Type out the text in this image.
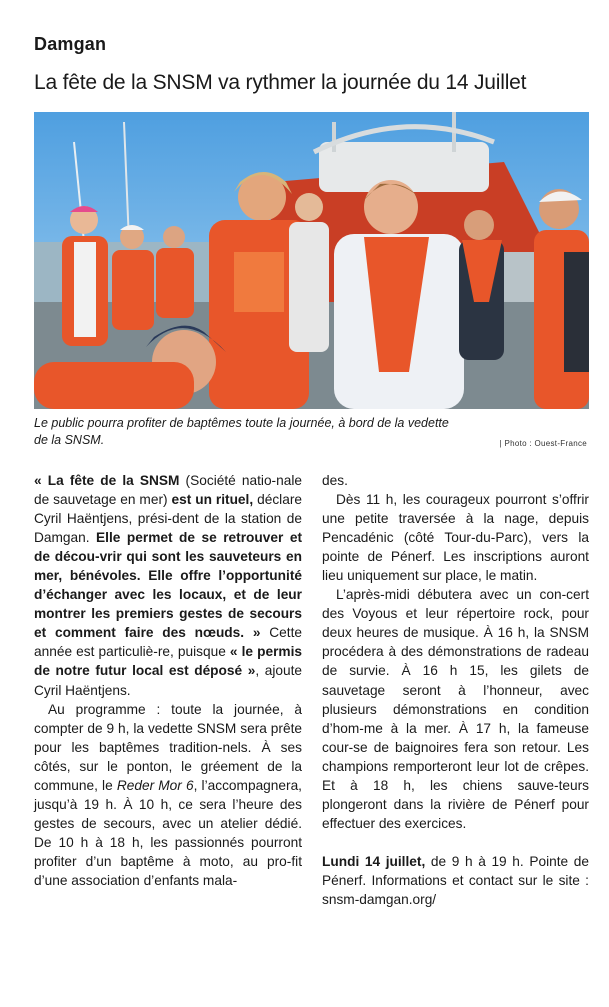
Damgan
La fête de la SNSM va rythmer la journée du 14 Juillet
Le public pourra profiter de baptêmes toute la journée, à bord de la vedette de la SNSM.	| Photo : Ouest-France

« La fête de la SNSM (Société natio-nale de sauvetage en mer) est un rituel, déclare Cyril Haëntjens, prési-dent de la station de Damgan. Elle permet de se retrouver et de décou-vrir qui sont les sauveteurs en mer, bénévoles. Elle offre l’opportunité d’échanger avec les locaux, et de leur montrer les premiers gestes de secours et comment faire des nœuds. » Cette année est particuliè-re, puisque « le permis de notre futur local est déposé », ajoute Cyril Haëntjens.

Au programme : toute la journée, à compter de 9 h, la vedette SNSM sera prête pour les baptêmes tradition-nels. À ses côtés, sur le ponton, le gréement de la commune, le Reder Mor 6, l’accompagnera, jusqu’à 19 h. À 10 h, ce sera l’heure des gestes de secours, avec un atelier dédié. De 10 h à 18 h, les passionnés pourront profiter d’un baptême à moto, au pro-fit d’une association d’enfants mala-

des.

Dès 11 h, les courageux pourront s’offrir une petite traversée à la nage, depuis Pencadénic (côté Tour-du-Parc), vers la pointe de Pénerf. Les inscriptions auront lieu uniquement sur place, le matin.

L’après-midi débutera avec un con-cert des Voyous et leur répertoire rock, pour deux heures de musique. À 16 h, la SNSM procédera à des démonstrations de radeau de survie. À 16 h 15, les gilets de sauvetage seront à l’honneur, avec plusieurs démonstrations en condition d’hom-me à la mer. À 17 h, la fameuse cour-se de baignoires fera son retour. Les champions remporteront leur lot de crêpes. Et à 18 h, les chiens sauve-teurs plongeront dans la rivière de Pénerf pour effectuer des exercices.

Lundi 14 juillet, de 9 h à 19 h. Pointe de Pénerf. Informations et contact sur le site : snsm-damgan.org/
